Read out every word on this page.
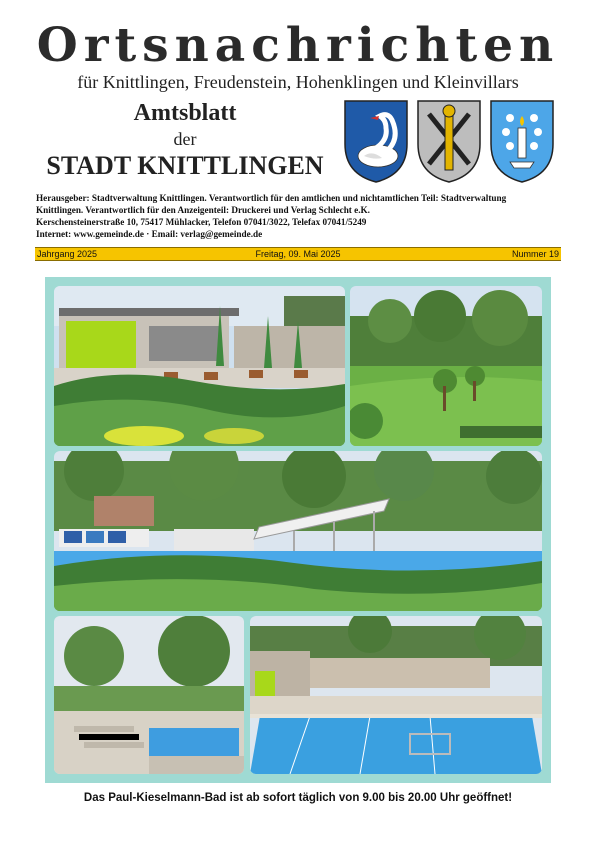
Ortsnachrichten
für Knittlingen, Freudenstein, Hohenklingen und Kleinvillars
Amtsblatt
der
STADT KNITTLINGEN
Herausgeber: Stadtverwaltung Knittlingen. Verantwortlich für den amtlichen und nichtamtlichen Teil: Stadtverwaltung
Knittlingen. Verantwortlich für den Anzeigenteil: Druckerei und Verlag Schlecht e.K.
Kerschensteinerstraße 10, 75417 Mühlacker, Telefon 07041/3022, Telefax 07041/5249
Internet: www.gemeinde.de · Email: verlag@gemeinde.de
Freitag, 09. Mai 2025
Jahrgang 2025	Nummer 19
Das Paul-Kieselmann-Bad ist ab sofort täglich von 9.00 bis 20.00 Uhr geöffnet!
